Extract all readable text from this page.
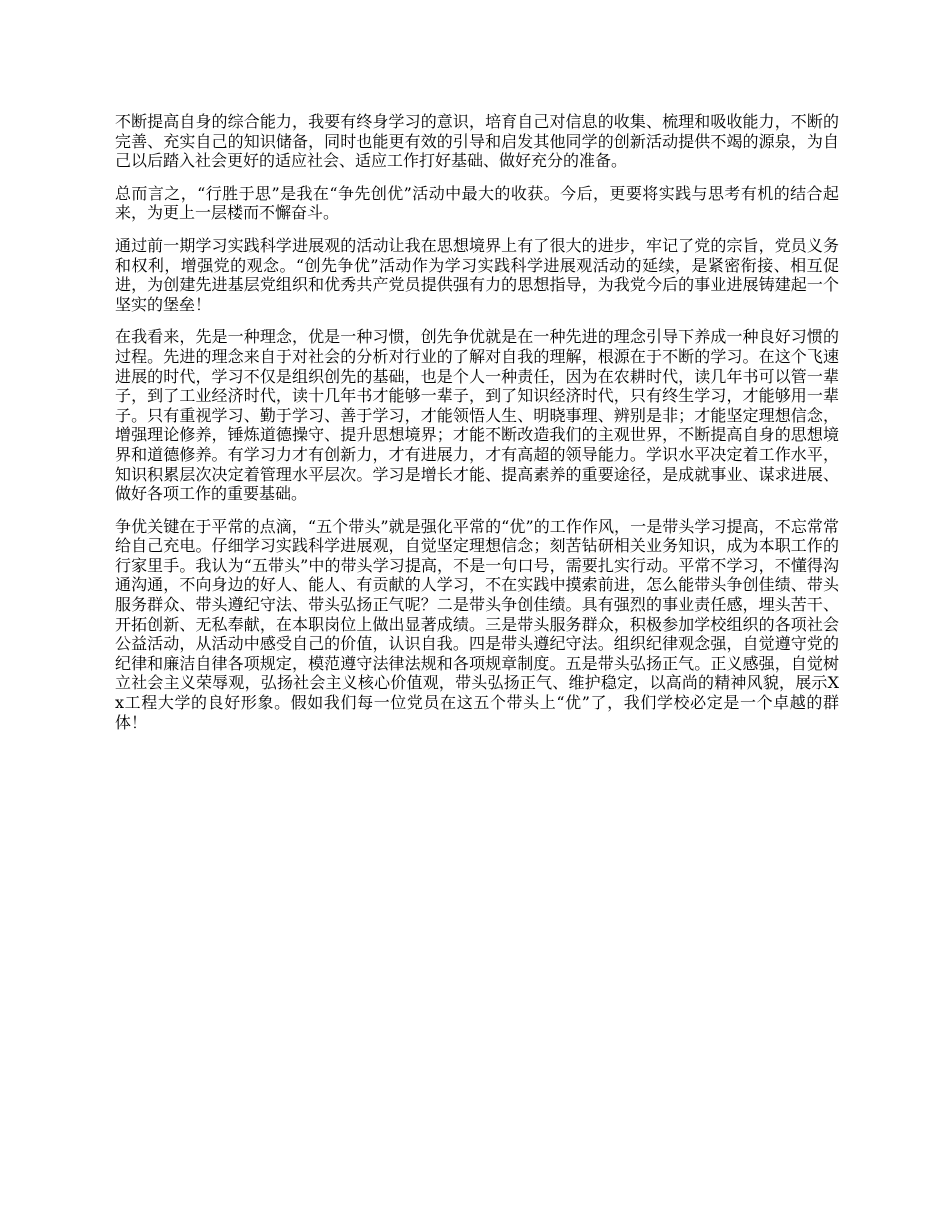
不断提高自身的综合能力，我要有终身学习的意识，培育自己对信息的收集、梳理和吸收能力，不断的完善、充实自己的知识储备，同时也能更有效的引导和启发其他同学的创新活动提供不竭的源泉，为自己以后踏入社会更好的适应社会、适应工作打好基础、做好充分的准备。

总而言之，“行胜于思”是我在“争先创优”活动中最大的收获。今后，更要将实践与思考有机的结合起来，为更上一层楼而不懈奋斗。

通过前一期学习实践科学进展观的活动让我在思想境界上有了很大的进步，牢记了党的宗旨，党员义务和权利，增强党的观念。“创先争优”活动作为学习实践科学进展观活动的延续，是紧密衔接、相互促进，为创建先进基层党组织和优秀共产党员提供强有力的思想指导，为我党今后的事业进展铸建起一个坚实的堡垒！

在我看来，先是一种理念，优是一种习惯，创先争优就是在一种先进的理念引导下养成一种良好习惯的过程。先进的理念来自于对社会的分析对行业的了解对自我的理解，根源在于不断的学习。在这个飞速进展的时代，学习不仅是组织创先的基础，也是个人一种责任，因为在农耕时代，读几年书可以管一辈子，到了工业经济时代，读十几年书才能够一辈子，到了知识经济时代，只有终生学习，才能够用一辈子。只有重视学习、勤于学习、善于学习，才能领悟人生、明晓事理、辨别是非；才能坚定理想信念，增强理论修养，锤炼道德操守、提升思想境界；才能不断改造我们的主观世界，不断提高自身的思想境界和道德修养。有学习力才有创新力，才有进展力，才有高超的领导能力。学识水平决定着工作水平，知识积累层次决定着管理水平层次。学习是增长才能、提高素养的重要途径，是成就事业、谋求进展、做好各项工作的重要基础。

争优关键在于平常的点滴，“五个带头”就是强化平常的“优”的工作作风，一是带头学习提高，不忘常常给自己充电。仔细学习实践科学进展观，自觉坚定理想信念；刻苦钻研相关业务知识，成为本职工作的行家里手。我认为“五带头”中的带头学习提高，不是一句口号，需要扎实行动。平常不学习，不懂得沟通沟通，不向身边的好人、能人、有贡献的人学习，不在实践中摸索前进，怎么能带头争创佳绩、带头服务群众、带头遵纪守法、带头弘扬正气呢？二是带头争创佳绩。具有强烈的事业责任感，埋头苦干、开拓创新、无私奉献，在本职岗位上做出显著成绩。三是带头服务群众，积极参加学校组织的各项社会公益活动，从活动中感受自己的价值，认识自我。四是带头遵纪守法。组织纪律观念强，自觉遵守党的纪律和廉洁自律各项规定，模范遵守法律法规和各项规章制度。五是带头弘扬正气。正义感强，自觉树立社会主义荣辱观，弘扬社会主义核心价值观，带头弘扬正气、维护稳定，以高尚的精神风貌，展示Xx工程大学的良好形象。假如我们每一位党员在这五个带头上“优”了，我们学校必定是一个卓越的群体！
